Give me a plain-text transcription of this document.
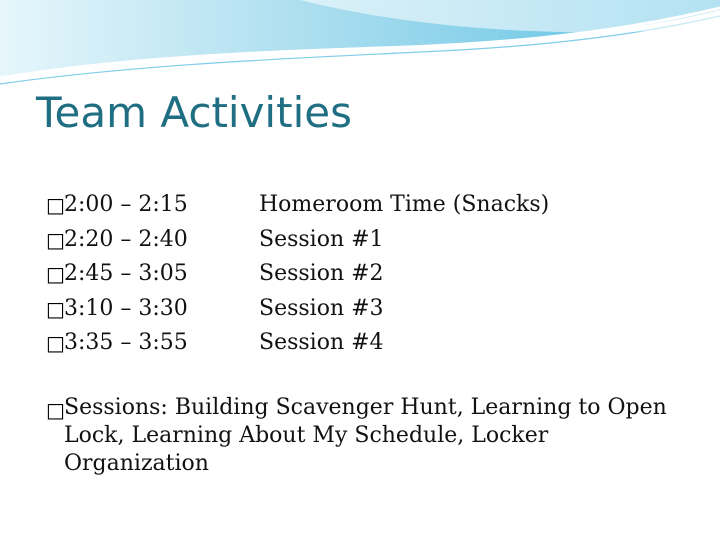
Team Activities
□ 2:00 – 2:15	Homeroom Time (Snacks)
□ 2:20 – 2:40	Session #1
□ 2:45 – 3:05	Session #2
□ 3:10 – 3:30	Session #3
□ 3:35 – 3:55	Session #4
□ Sessions: Building Scavenger Hunt, Learning to Open Lock, Learning About My Schedule, Locker Organization
